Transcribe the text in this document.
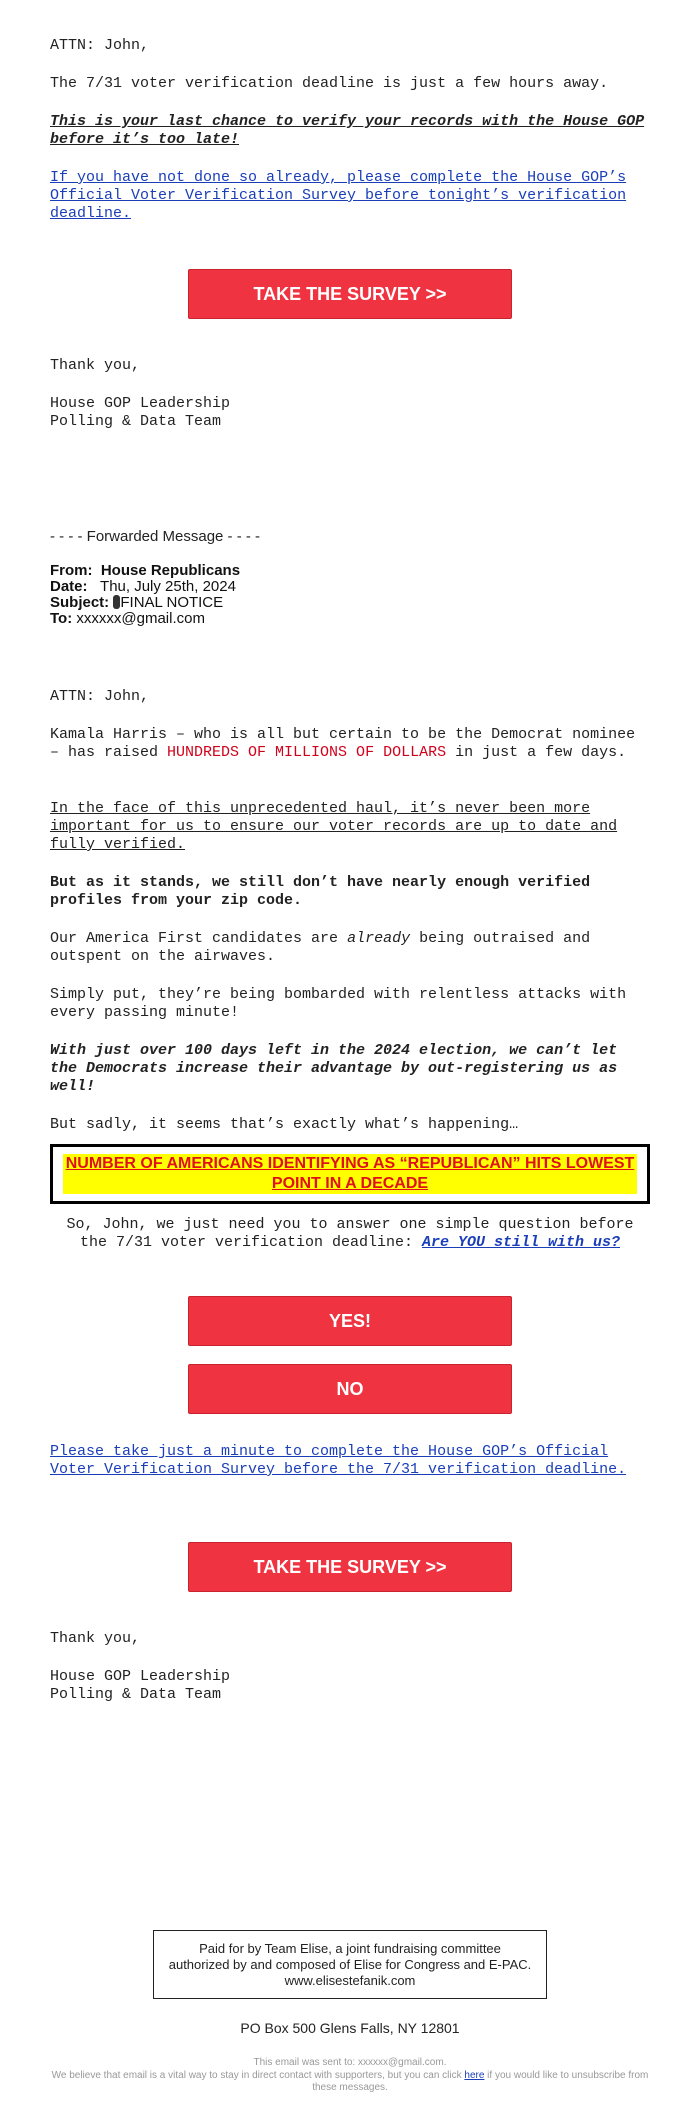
ATTN: John,

The 7/31 voter verification deadline is just a few hours away.

This is your last chance to verify your records with the House GOP before it’s too late!

If you have not done so already, please complete the House GOP’s Official Voter Verification Survey before tonight’s verification deadline.
TAKE THE SURVEY >>

Thank you,

House GOP Leadership

Polling & Data Team

- - - - Forwarded Message - - - -

From: House Republicans
Date: Thu, July 25th, 2024
Subject: FINAL NOTICE
To: xxxxxx@gmail.com

ATTN: John,

Kamala Harris – who is all but certain to be the Democrat nominee – has raised HUNDREDS OF MILLIONS OF DOLLARS in just a few days.

In the face of this unprecedented haul, it’s never been more important for us to ensure our voter records are up to date and fully verified.

But as it stands, we still don’t have nearly enough verified profiles from your zip code.

Our America First candidates are already being outraised and outspent on the airwaves.

Simply put, they’re being bombarded with relentless attacks with every passing minute!

With just over 100 days left in the 2024 election, we can’t let the Democrats increase their advantage by out-registering us as well!

But sadly, it seems that’s exactly what’s happening…

NUMBER OF AMERICANS IDENTIFYING AS “REPUBLICAN” HITS LOWEST POINT IN A DECADE

So, John, we just need you to answer one simple question before the 7/31 voter verification deadline: Are YOU still with us?

YES!
NO
Please take just a minute to complete the House GOP’s Official Voter Verification Survey before the 7/31 verification deadline.
TAKE THE SURVEY >>

Thank you,

House GOP Leadership

Polling & Data Team

Paid for by Team Elise, a joint fundraising committee authorized by and composed of Elise for Congress and E-PAC. www.elisestefanik.com

PO Box 500 Glens Falls, NY 12801

This email was sent to: xxxxxx@gmail.com.

We believe that email is a vital way to stay in direct contact with supporters, but you can click here if you would like to unsubscribe from these messages.
